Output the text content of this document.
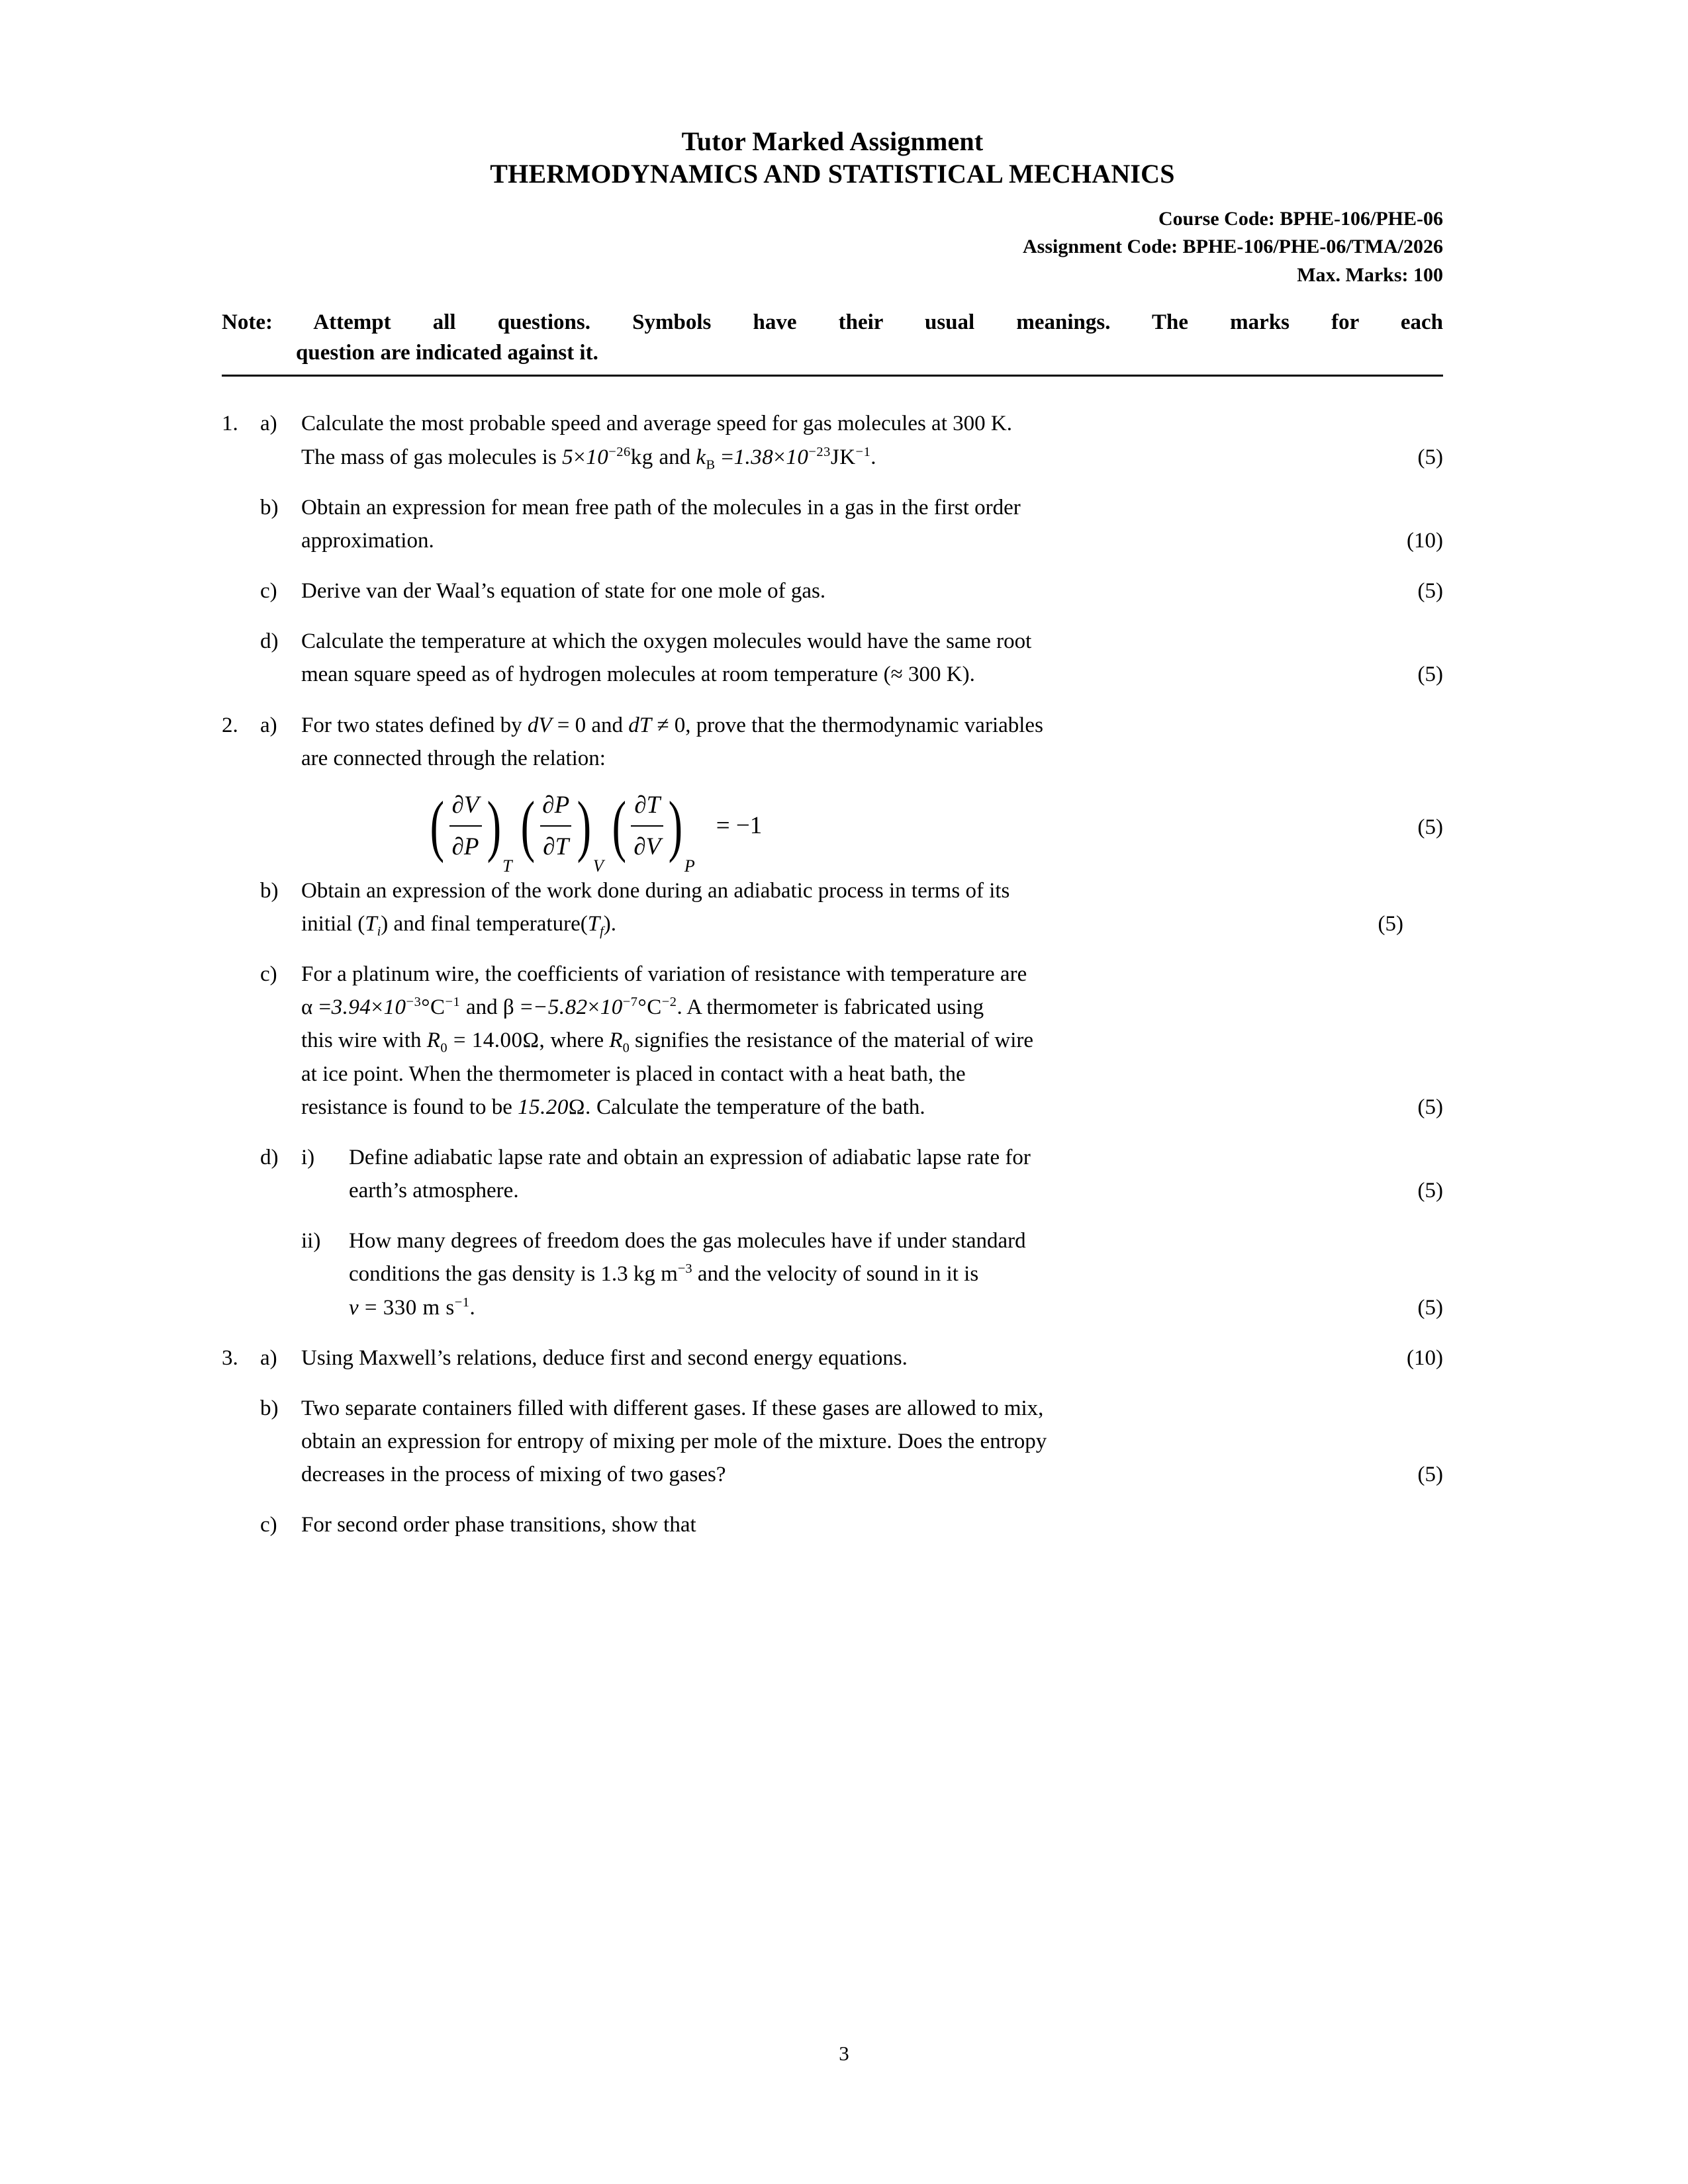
Tutor Marked Assignment
THERMODYNAMICS AND STATISTICAL MECHANICS
Course Code: BPHE-106/PHE-06
Assignment Code: BPHE-106/PHE-06/TMA/2026
Max. Marks: 100
Note: Attempt all questions. Symbols have their usual meanings. The marks for each
question are indicated against it.
1.	a)	Calculate the most probable speed and average speed for gas molecules at 300 K.
The mass of gas molecules is $5\times 10^{-26}kg$ and $k_B =1.38\times 10^{-23}JK^{-1}$.	(5)
b)	Obtain an expression for mean free path of the molecules in a gas in the first order
approximation.	(10)
c)	Derive van der Waal’s equation of state for one mole of gas.	(5)
d)	Calculate the temperature at which the oxygen molecules would have the same root
mean square speed as of hydrogen molecules at room temperature (≈ 300 K).	(5)
2.	a)	For two states defined by dV = 0 and dT ≠ 0, prove that the thermodynamic variables
are connected through the relation:
( $\frac{\partial V}{\partial P}$ )
T
( $\frac{\partial P}{\partial T}$ )
V
( $\frac{\partial T}{\partial V}$ )
P
= −1	(5)
b)	Obtain an expression of the work done during an adiabatic process in terms of its
initial $(T_i)$ and final $temperature(T_f)$.	(5)
c)	For a platinum wire, the coefficients of variation of resistance with temperature are
$\alpha =3.94\times 10^{-3}^\circ C^{-1}$ and $\beta =-5.82\times 10^{-7}^\circ C^{-2}$. A thermometer is fabricated using
this wire with $R_0 = 14.00\Omega$, where $R_0$ signifies the resistance of the material of wire
at ice point. When the thermometer is placed in contact with a heat bath, the
resistance is found to be 15.20Ω. Calculate the temperature of the bath.	(5)
d)	i)	Define adiabatic lapse rate and obtain an expression of adiabatic lapse rate for
earth’s atmosphere.	(5)
ii)	How many degrees of freedom does the gas molecules have if under standard
conditions the gas density is 1.3 kg $m^{-3}$ and the velocity of sound in it is
v = 330 m $s^{-1}$.	(5)
3.	a)	Using Maxwell’s relations, deduce first and second energy equations.	(10)
b)	Two separate containers filled with different gases. If these gases are allowed to mix,
obtain an expression for entropy of mixing per mole of the mixture. Does the entropy
decreases in the process of mixing of two gases?	(5)
c)	For second order phase transitions, show that
3
